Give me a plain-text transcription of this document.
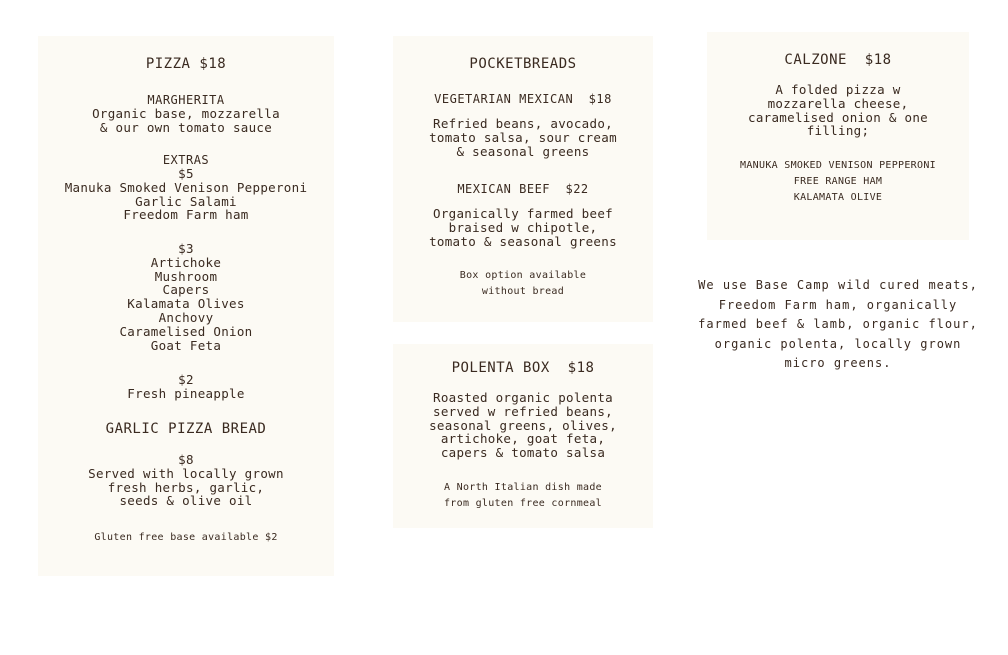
PIZZA $18
MARGHERITA
Organic base, mozzarella
& our own tomato sauce
EXTRAS
$5
Manuka Smoked Venison Pepperoni
Garlic Salami
Freedom Farm ham
$3
Artichoke
Mushroom
Capers
Kalamata Olives
Anchovy
Caramelised Onion
Goat Feta
$2
Fresh pineapple
GARLIC PIZZA BREAD
$8
Served with locally grown
fresh herbs, garlic,
seeds & olive oil
Gluten free base available $2
POCKETBREADS
VEGETARIAN MEXICAN  $18
Refried beans, avocado,
tomato salsa, sour cream
& seasonal greens
MEXICAN BEEF  $22
Organically farmed beef
braised w chipotle,
tomato & seasonal greens
Box option available
without bread
POLENTA BOX  $18
Roasted organic polenta
served w refried beans,
seasonal greens, olives,
artichoke, goat feta,
capers & tomato salsa
A North Italian dish made
from gluten free cornmeal
CALZONE  $18
A folded pizza w
mozzarella cheese,
caramelised onion & one
filling;
MANUKA SMOKED VENISON PEPPERONI
FREE RANGE HAM
KALAMATA OLIVE
We use Base Camp wild cured meats,
Freedom Farm ham, organically
farmed beef & lamb, organic flour,
organic polenta, locally grown
micro greens.
